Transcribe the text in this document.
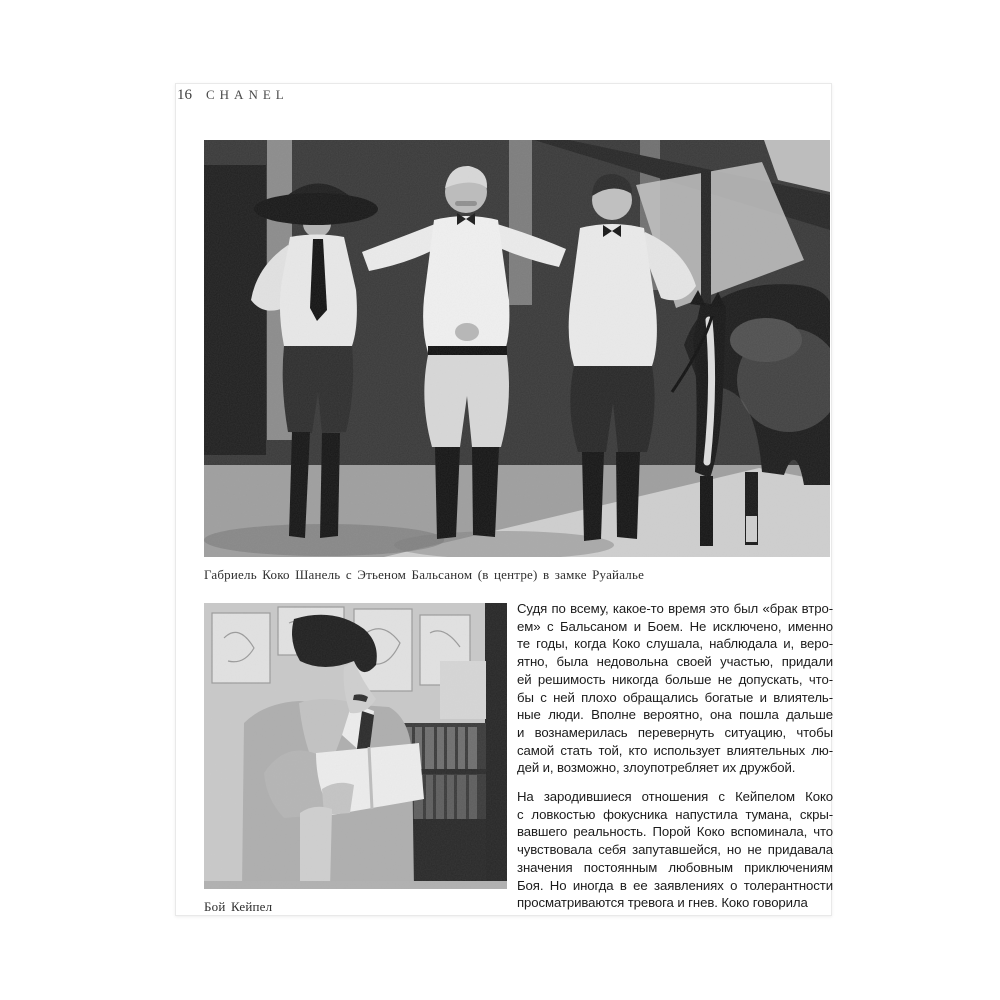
16 CHANEL
Габриель Коко Шанель с Этьеном Бальсаном (в центре) в замке Руайалье
Бой Кейпел
Судя по всему, какое-то время это был «брак втро-
ем» с Бальсаном и Боем. Не исключено, именно
те годы, когда Коко слушала, наблюдала и, веро-
ятно, была недовольна своей участью, придали
ей решимость никогда больше не допускать, что-
бы с ней плохо обращались богатые и влиятель-
ные люди. Вполне вероятно, она пошла дальше
и вознамерилась перевернуть ситуацию, чтобы
самой стать той, кто использует влиятельных лю-
дей и, возможно, злоупотребляет их дружбой.
На зародившиеся отношения с Кейпелом Коко
с ловкостью фокусника напустила тумана, скры-
вавшего реальность. Порой Коко вспоминала, что
чувствовала себя запутавшейся, но не придавала
значения постоянным любовным приключениям
Боя. Но иногда в ее заявлениях о толерантности
просматриваются тревога и гнев. Коко говорила
